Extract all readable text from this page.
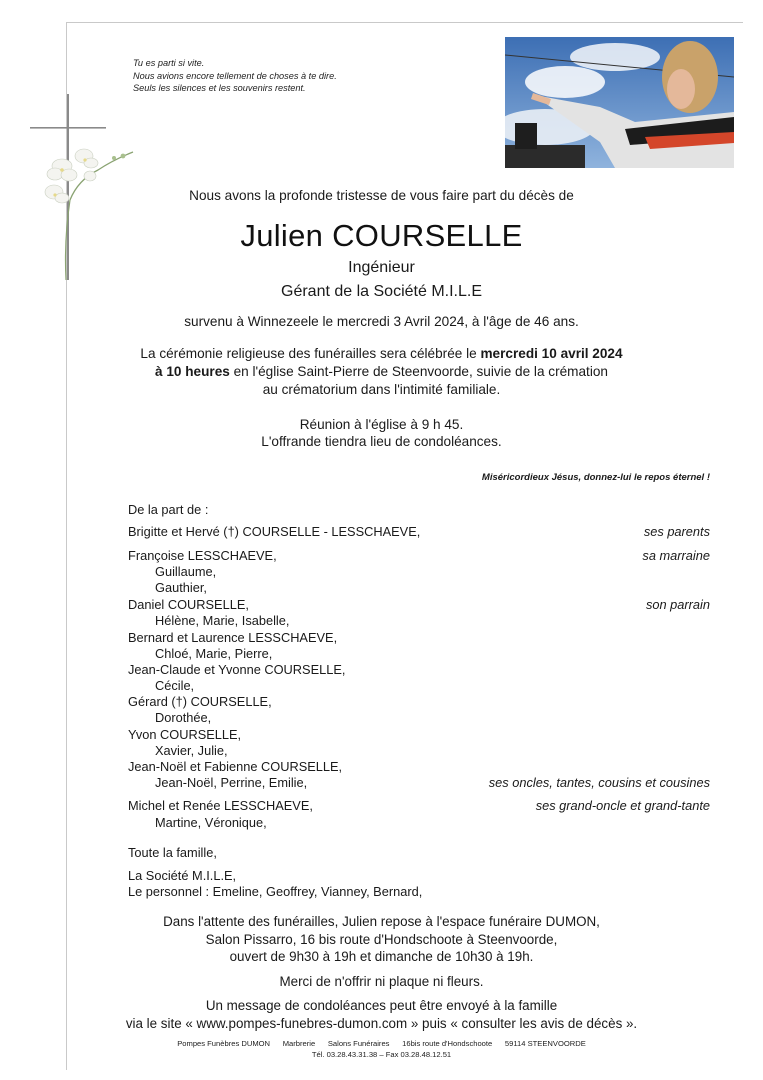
Tu es parti si vite.
Nous avions encore tellement de choses à te dire.
Seuls les silences et les souvenirs restent.
Nous avons la profonde tristesse de vous faire part du décès de
Julien COURSELLE
Ingénieur
Gérant de la Société M.I.L.E
survenu à Winnezeele le mercredi 3 Avril 2024, à l'âge de 46 ans.
La cérémonie religieuse des funérailles sera célébrée le mercredi 10 avril 2024
à 10 heures en l'église Saint-Pierre de Steenvoorde, suivie de la crémation
au crématorium dans l'intimité familiale.
Réunion à l'église à 9 h 45.
L'offrande tiendra lieu de condoléances.
Miséricordieux Jésus, donnez-lui le repos éternel !
De la part de :
Brigitte et Hervé (†) COURSELLE - LESSCHAEVE,
Françoise LESSCHAEVE,
Guillaume,
Gauthier,
Daniel COURSELLE,
Hélène, Marie, Isabelle,
Bernard et Laurence LESSCHAEVE,
Chloé, Marie, Pierre,
Jean-Claude et Yvonne COURSELLE,
Cécile,
Gérard (†) COURSELLE,
Dorothée,
Yvon COURSELLE,
Xavier, Julie,
Jean-Noël et Fabienne COURSELLE,
Jean-Noël, Perrine, Emilie,
Michel et Renée LESSCHAEVE,
Martine, Véronique,
ses parents
sa marraine
son parrain
ses oncles, tantes, cousins et cousines
ses grand-oncle et grand-tante
Toute la famille,
La Société M.I.L.E,
Le personnel : Emeline, Geoffrey, Vianney, Bernard,
Dans l'attente des funérailles, Julien repose à l'espace funéraire DUMON,
Salon Pissarro, 16 bis route d'Hondschoote à Steenvoorde,
ouvert de 9h30 à 19h et dimanche de 10h30 à 19h.
Merci de n'offrir ni plaque ni fleurs.
Un message de condoléances peut être envoyé à la famille
via le site « www.pompes-funebres-dumon.com » puis « consulter les avis de décès ».
Pompes Funèbres DUMON      Marbrerie      Salons Funéraires      16bis route d'Hondschoote      59114 STEENVOORDE
Tél. 03.28.43.31.38 – Fax 03.28.48.12.51
